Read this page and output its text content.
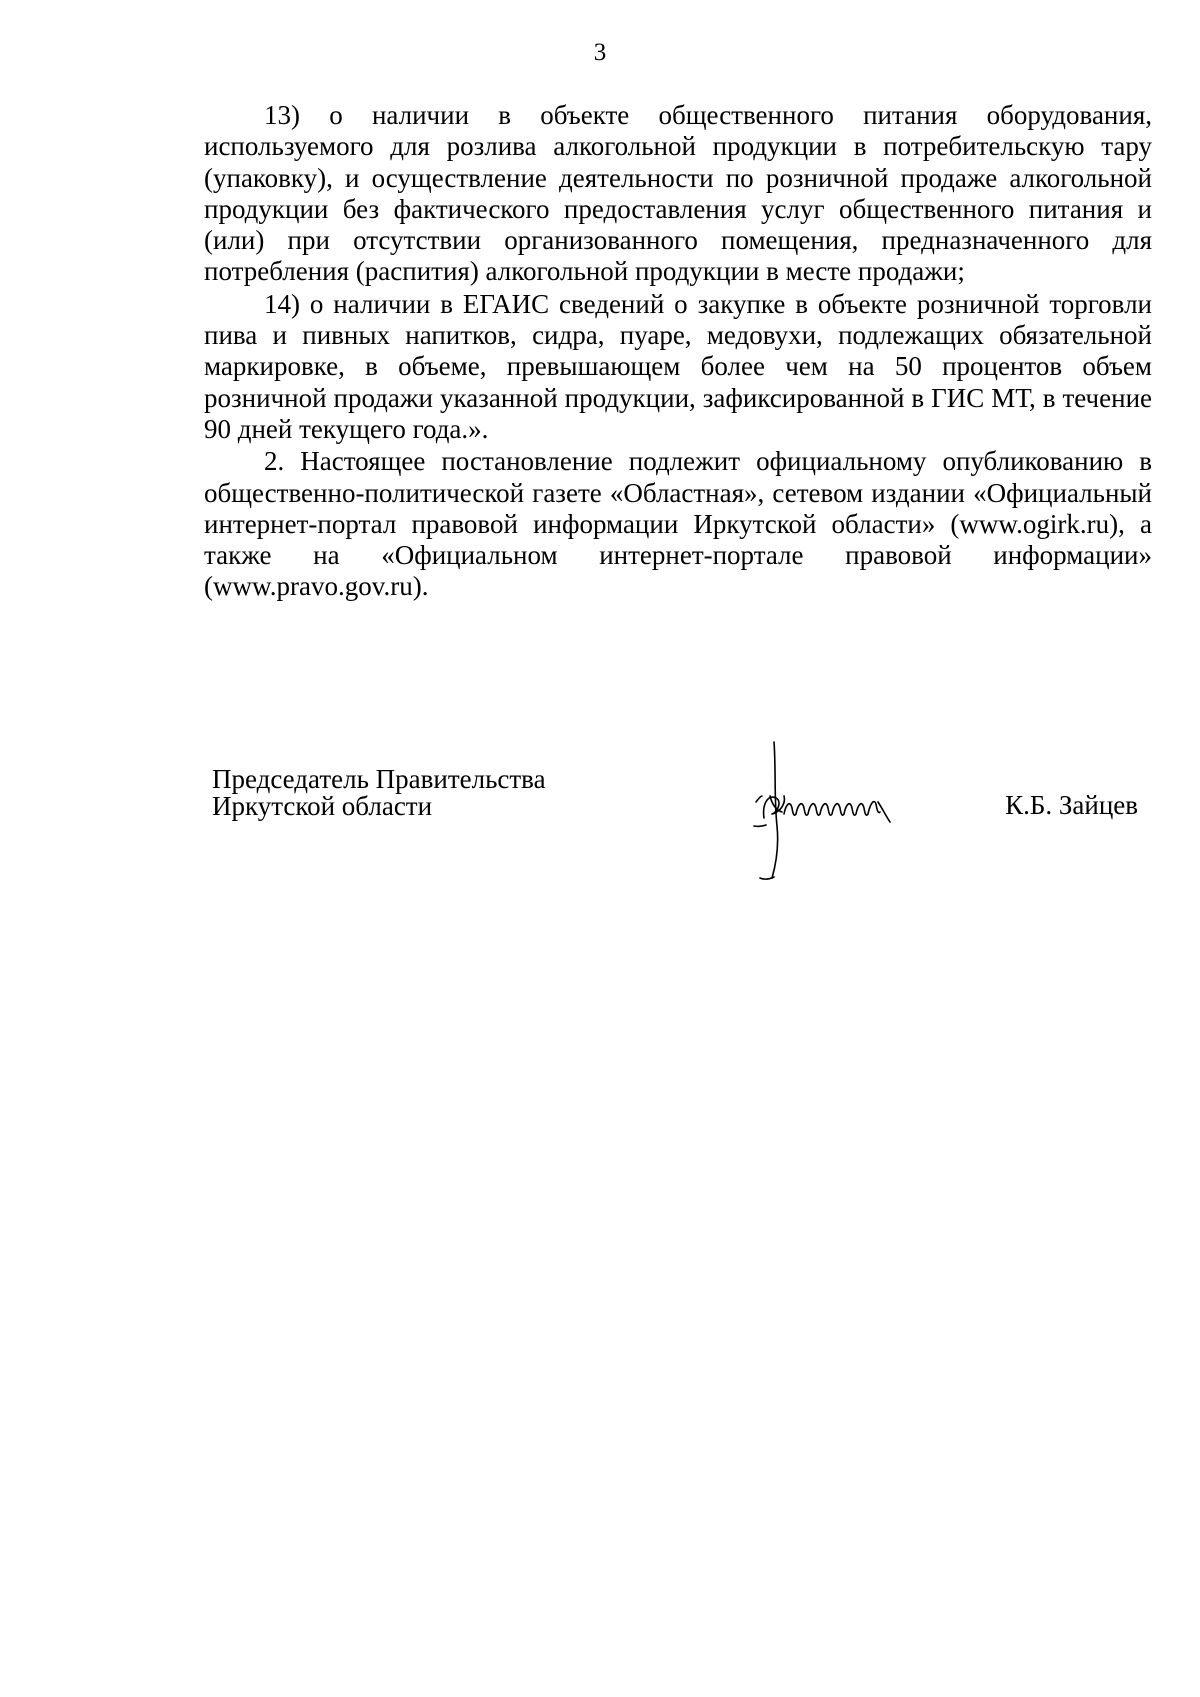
3

13) о наличии в объекте общественного питания оборудования, используемого для розлива алкогольной продукции в потребительскую тару (упаковку), и осуществление деятельности по розничной продаже алкогольной продукции без фактического предоставления услуг общественного питания и (или) при отсутствии организованного помещения, предназначенного для потребления (распития) алкогольной продукции в месте продажи;

14) о наличии в ЕГАИС сведений о закупке в объекте розничной торговли пива и пивных напитков, сидра, пуаре, медовухи, подлежащих обязательной маркировке, в объеме, превышающем более чем на 50 процентов объем розничной продажи указанной продукции, зафиксированной в ГИС МТ, в течение 90 дней текущего года.».

2. Настоящее постановление подлежит официальному опубликованию в общественно-политической газете «Областная», сетевом издании «Официальный интернет-портал правовой информации Иркутской области» (www.ogirk.ru), а также на «Официальном интернет-портале правовой информации» (www.pravo.gov.ru).

Председатель Правительства
Иркутской области	К.Б. Зайцев
